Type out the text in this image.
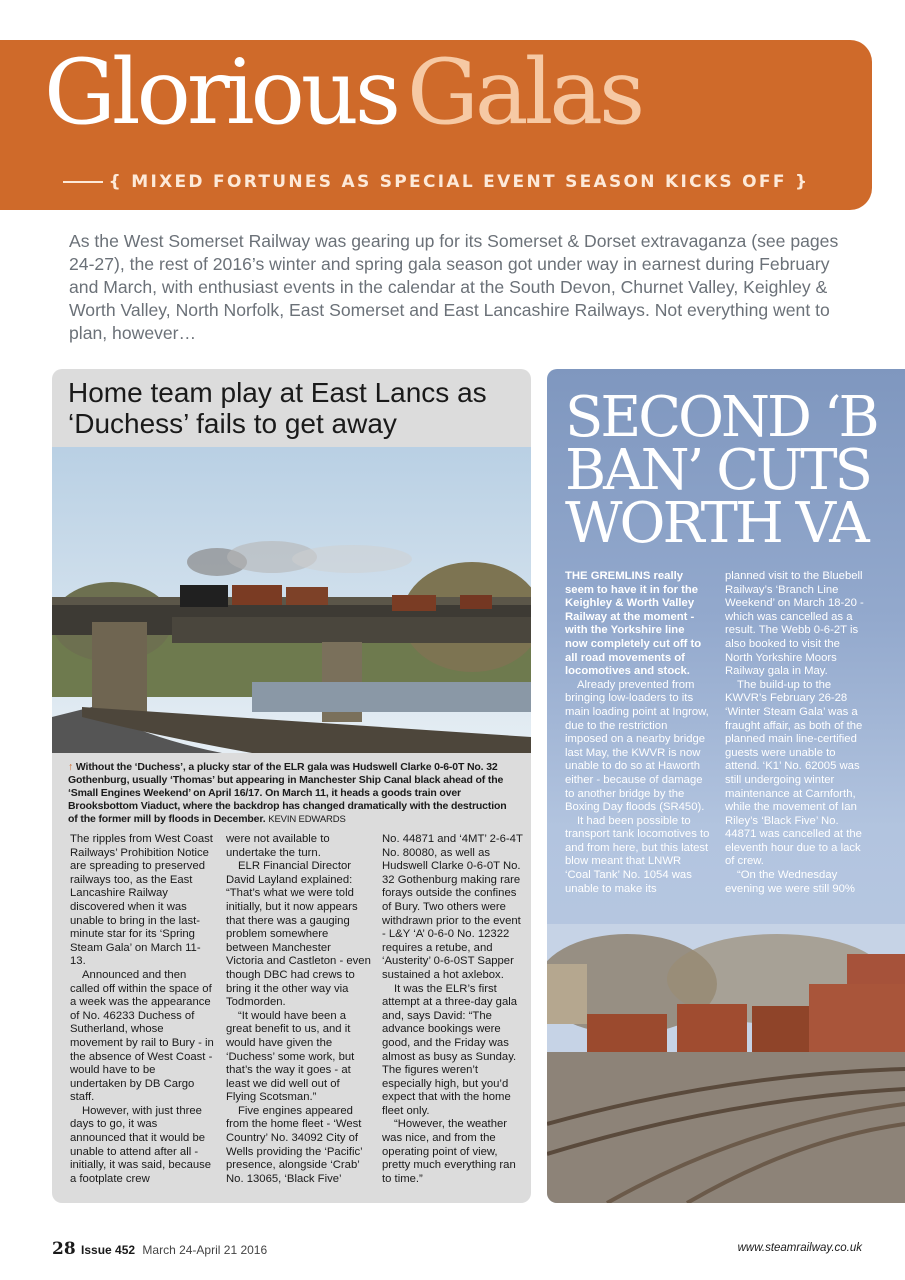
Glorious Galas
{ MIXED FORTUNES AS SPECIAL EVENT SEASON KICKS OFF }
As the West Somerset Railway was gearing up for its Somerset & Dorset extravaganza (see pages 24-27), the rest of 2016’s winter and spring gala season got under way in earnest during February and March, with enthusiast events in the calendar at the South Devon, Churnet Valley, Keighley & Worth Valley, North Norfolk, East Somerset and East Lancashire Railways. Not everything went to plan, however…
Home team play at East Lancs as ‘Duchess’ fails to get away
↑ Without the ‘Duchess’, a plucky star of the ELR gala was Hudswell Clarke 0-6-0T No. 32 Gothenburg, usually ‘Thomas’ but appearing in Manchester Ship Canal black ahead of the ‘Small Engines Weekend’ on April 16/17. On March 11, it heads a goods train over Brooksbottom Viaduct, where the backdrop has changed dramatically with the destruction of the former mill by floods in December. KEVIN EDWARDS

The ripples from West Coast Railways’ Prohibition Notice are spreading to preserved railways too, as the East Lancashire Railway discovered when it was unable to bring in the last-minute star for its ‘Spring Steam Gala’ on March 11-13.

Announced and then called off within the space of a week was the appearance of No. 46233 Duchess of Sutherland, whose movement by rail to Bury - in the absence of West Coast - would have to be undertaken by DB Cargo staff.

However, with just three days to go, it was announced that it would be unable to attend after all - initially, it was said, because a footplate crew

were not available to undertake the turn.

ELR Financial Director David Layland explained: “That’s what we were told initially, but it now appears that there was a gauging problem somewhere between Manchester Victoria and Castleton - even though DBC had crews to bring it the other way via Todmorden.

“It would have been a great benefit to us, and it would have given the ‘Duchess’ some work, but that’s the way it goes - at least we did well out of Flying Scotsman.”

Five engines appeared from the home fleet - ‘West Country’ No. 34092 City of Wells providing the ‘Pacific’ presence, alongside ‘Crab’ No. 13065, ‘Black Five’

No. 44871 and ‘4MT’ 2-6-4T No. 80080, as well as Hudswell Clarke 0-6-0T No. 32 Gothenburg making rare forays outside the confines of Bury. Two others were withdrawn prior to the event - L&Y ‘A’ 0-6-0 No. 12322 requires a retube, and ‘Austerity’ 0-6-0ST Sapper sustained a hot axlebox.

It was the ELR’s first attempt at a three-day gala and, says David: “The advance bookings were good, and the Friday was almost as busy as Sunday. The figures weren’t especially high, but you’d expect that with the home fleet only.

“However, the weather was nice, and from the operating point of view, pretty much everything ran to time.”

SECOND ‘B
BAN’ CUTS
WORTH VA

THE GREMLINS really seem to have it in for the Keighley & Worth Valley Railway at the moment - with the Yorkshire line now completely cut off to all road movements of locomotives and stock.

Already prevented from bringing low-loaders to its main loading point at Ingrow, due to the restriction imposed on a nearby bridge last May, the KWVR is now unable to do so at Haworth either - because of damage to another bridge by the Boxing Day floods (SR450).

It had been possible to transport tank locomotives to and from here, but this latest blow meant that LNWR ‘Coal Tank’ No. 1054 was unable to make its

planned visit to the Bluebell Railway’s ‘Branch Line Weekend’ on March 18-20 - which was cancelled as a result. The Webb 0-6-2T is also booked to visit the North Yorkshire Moors Railway gala in May.

The build-up to the KWVR’s February 26-28 ‘Winter Steam Gala’ was a fraught affair, as both of the planned main line-certified guests were unable to attend. ‘K1’ No. 62005 was still undergoing winter maintenance at Carnforth, while the movement of Ian Riley’s ‘Black Five’ No. 44871 was cancelled at the eleventh hour due to a lack of crew.

“On the Wednesday evening we were still 90%

28 Issue 452 March 24-April 21 2016	www.steamrailway.co.uk
